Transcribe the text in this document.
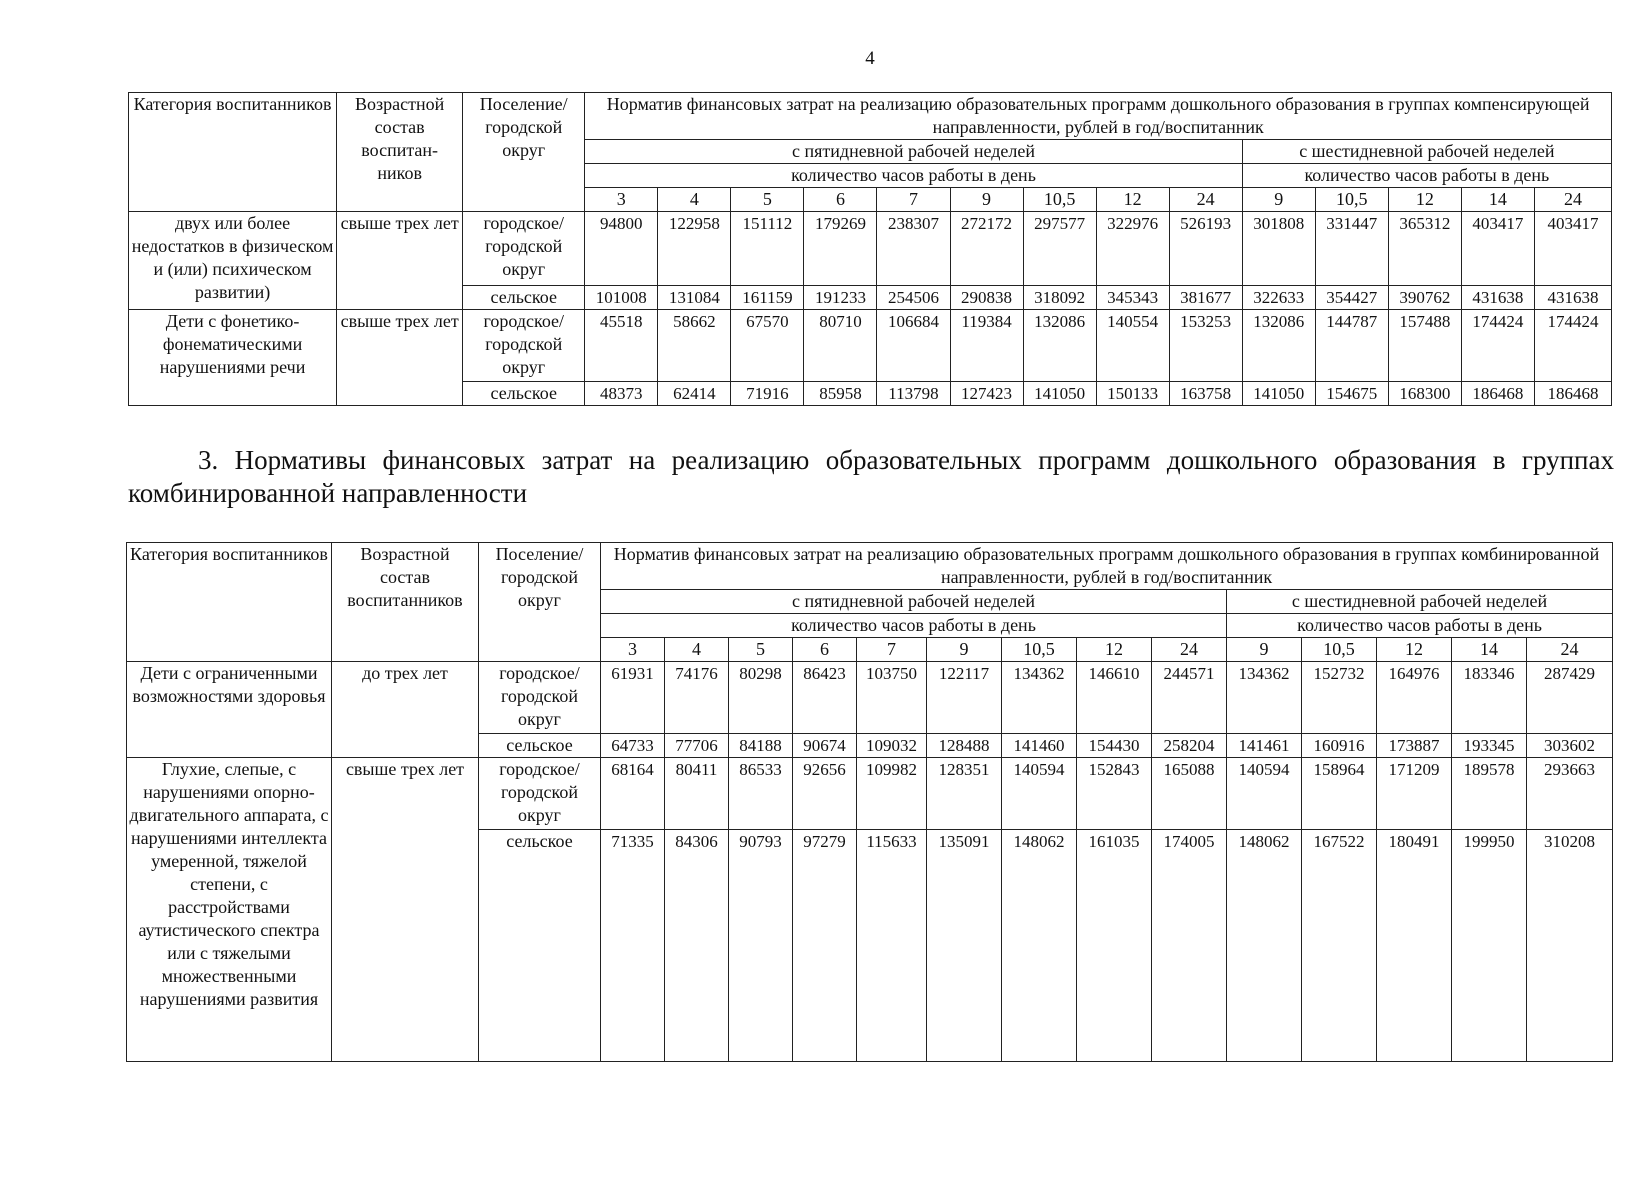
4
Категория воспитанников	Возрастной состав воспитан-ников	Поселение/ городской округ	Норматив финансовых затрат на реализацию образовательных программ дошкольного образования в группах компенсирующей направленности, рублей в год/воспитанник													
			с пятидневной рабочей неделей									с шестидневной рабочей неделей				
			количество часов работы в день									количество часов работы в день				
			3	4	5	6	7	9	10,5	12	24	9	10,5	12	14	24
двух или более недостатков в физическом и (или) психическом развитии)	свыше трех лет	городское/ городской округ	94800	122958	151112	179269	238307	272172	297577	322976	526193	301808	331447	365312	403417	403417
		сельское	101008	131084	161159	191233	254506	290838	318092	345343	381677	322633	354427	390762	431638	431638
Дети с фонетико-фонематическими нарушениями речи	свыше трех лет	городское/ городской округ	45518	58662	67570	80710	106684	119384	132086	140554	153253	132086	144787	157488	174424	174424
		сельское	48373	62414	71916	85958	113798	127423	141050	150133	163758	141050	154675	168300	186468	186468
3. Нормативы финансовых затрат на реализацию образовательных программ дошкольного образования в группах комбинированной направленности
Категория воспитанников	Возрастной состав воспитанников	Поселение/ городской округ	Норматив финансовых затрат на реализацию образовательных программ дошкольного образования в группах комбинированной направленности, рублей в год/воспитанник													
			с пятидневной рабочей неделей									с шестидневной рабочей неделей				
			количество часов работы в день									количество часов работы в день				
			3	4	5	6	7	9	10,5	12	24	9	10,5	12	14	24
Дети с ограниченными возможностями здоровья	до трех лет	городское/ городской округ	61931	74176	80298	86423	103750	122117	134362	146610	244571	134362	152732	164976	183346	287429
		сельское	64733	77706	84188	90674	109032	128488	141460	154430	258204	141461	160916	173887	193345	303602
Глухие, слепые, с нарушениями опорно-двигательного аппарата, с нарушениями интеллекта умеренной, тяжелой степени, с расстройствами аутистического спектра или с тяжелыми множественными нарушениями развития	свыше трех лет	городское/ городской округ	68164	80411	86533	92656	109982	128351	140594	152843	165088	140594	158964	171209	189578	293663
		сельское	71335	84306	90793	97279	115633	135091	148062	161035	174005	148062	167522	180491	199950	310208
